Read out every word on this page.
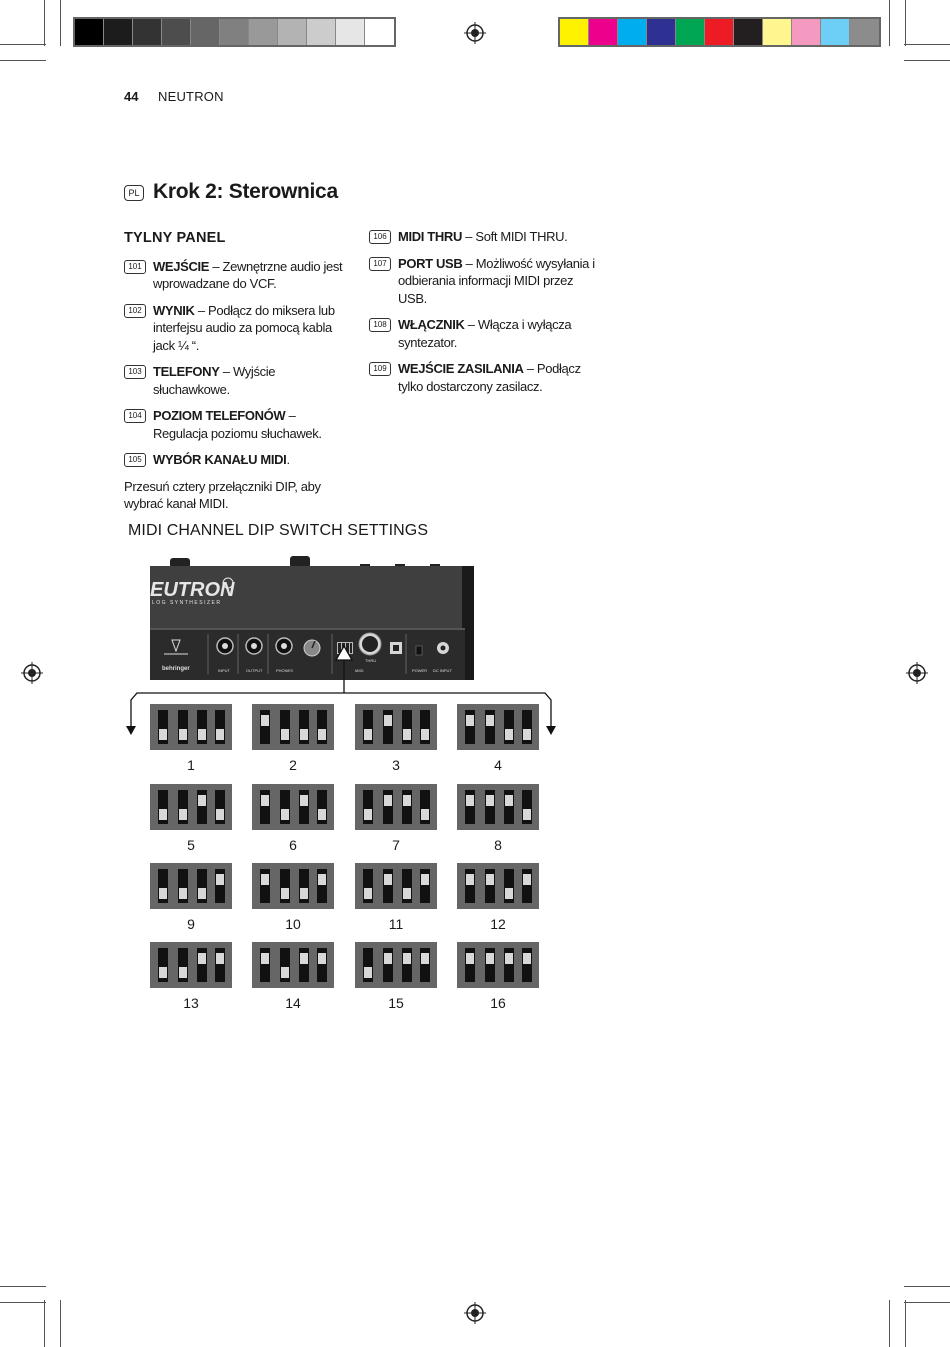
44 NEUTRON
PL Krok 2: Sterownica
TYLNY PANEL
101 WEJŚCIE – Zewnętrzne audio jest wprowadzane do VCF.
102 WYNIK – Podłącz do miksera lub interfejsu audio za pomocą kabla jack ¼ “.
103 TELEFONY – Wyjście słuchawkowe.
104 POZIOM TELEFONÓW – Regulacja poziomu słuchawek.
105 WYBÓR KANAŁU MIDI.
Przesuń cztery przełączniki DIP, aby wybrać kanał MIDI.
106 MIDI THRU – Soft MIDI THRU.
107 PORT USB – Możliwość wysyłania i odbierania informacji MIDI przez USB.
108 WŁĄCZNIK – Włącza i wyłącza syntezator.
109 WEJŚCIE ZASILANIA – Podłącz tylko dostarczony zasilacz.
MIDI CHANNEL DIP SWITCH SETTINGS
EUTRON
LOG SYNTHESIZER
behringer	INPUT	OUTPUT	PHONES	MIDI
THRU
POWER DC INPUT
1	2	3	4
5	6	7	8
9	10	11	12
13	14	15	16
